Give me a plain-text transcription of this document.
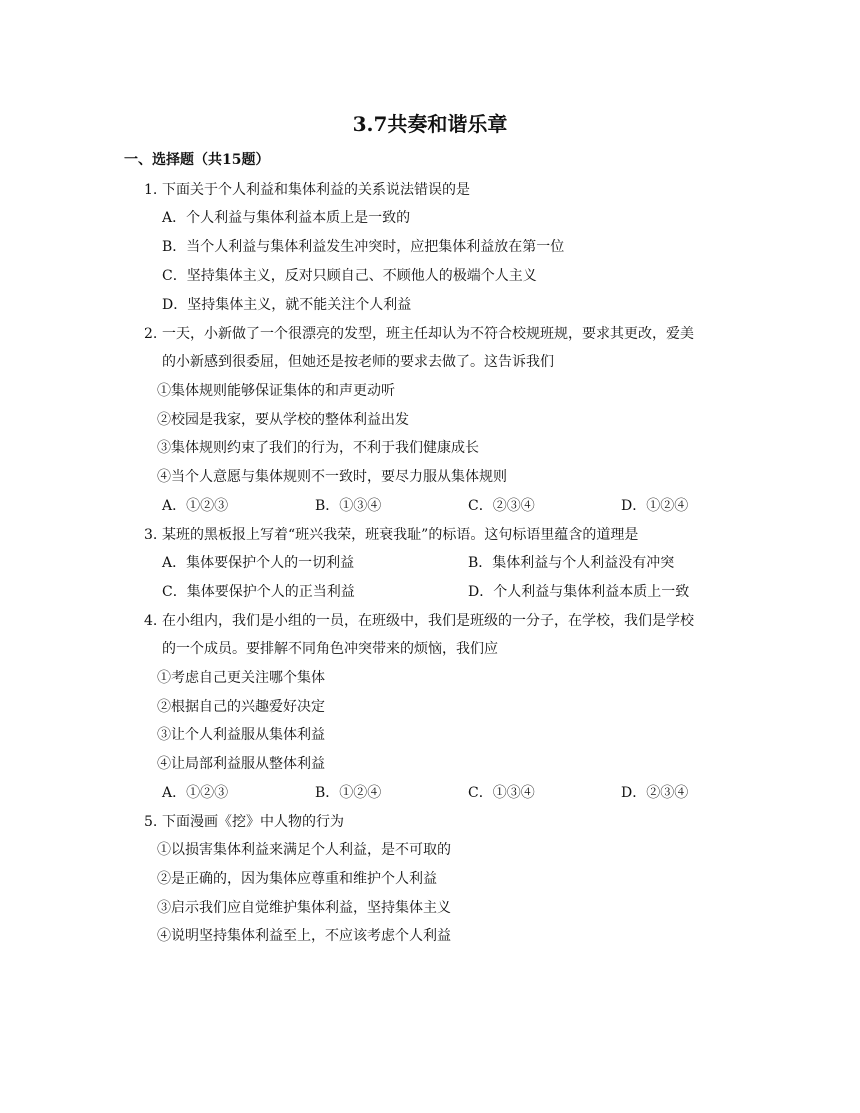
3.7共奏和谐乐章
一、选择题（共15题）
1. 下面关于个人利益和集体利益的关系说法错误的是
A．个人利益与集体利益本质上是一致的
B．当个人利益与集体利益发生冲突时，应把集体利益放在第一位
C．坚持集体主义，反对只顾自己、不顾他人的极端个人主义
D．坚持集体主义，就不能关注个人利益
2. 一天，小新做了一个很漂亮的发型，班主任却认为不符合校规班规，要求其更改，爱美
的小新感到很委屈，但她还是按老师的要求去做了。这告诉我们
①集体规则能够保证集体的和声更动听
②校园是我家，要从学校的整体利益出发
③集体规则约束了我们的行为，不利于我们健康成长
④当个人意愿与集体规则不一致时，要尽力服从集体规则
A．①②③	B．①③④	C．②③④	D．①②④
3. 某班的黑板报上写着“班兴我荣，班衰我耻”的标语。这句标语里蕴含的道理是
A．集体要保护个人的一切利益	B．集体利益与个人利益没有冲突
C．集体要保护个人的正当利益	D．个人利益与集体利益本质上一致
4. 在小组内，我们是小组的一员，在班级中，我们是班级的一分子，在学校，我们是学校
的一个成员。要排解不同角色冲突带来的烦恼，我们应
①考虑自己更关注哪个集体
②根据自己的兴趣爱好决定
③让个人利益服从集体利益
④让局部利益服从整体利益
A．①②③	B．①②④	C．①③④	D．②③④
5. 下面漫画《挖》中人物的行为
①以损害集体利益来满足个人利益，是不可取的
②是正确的，因为集体应尊重和维护个人利益
③启示我们应自觉维护集体利益，坚持集体主义
④说明坚持集体利益至上，不应该考虑个人利益
